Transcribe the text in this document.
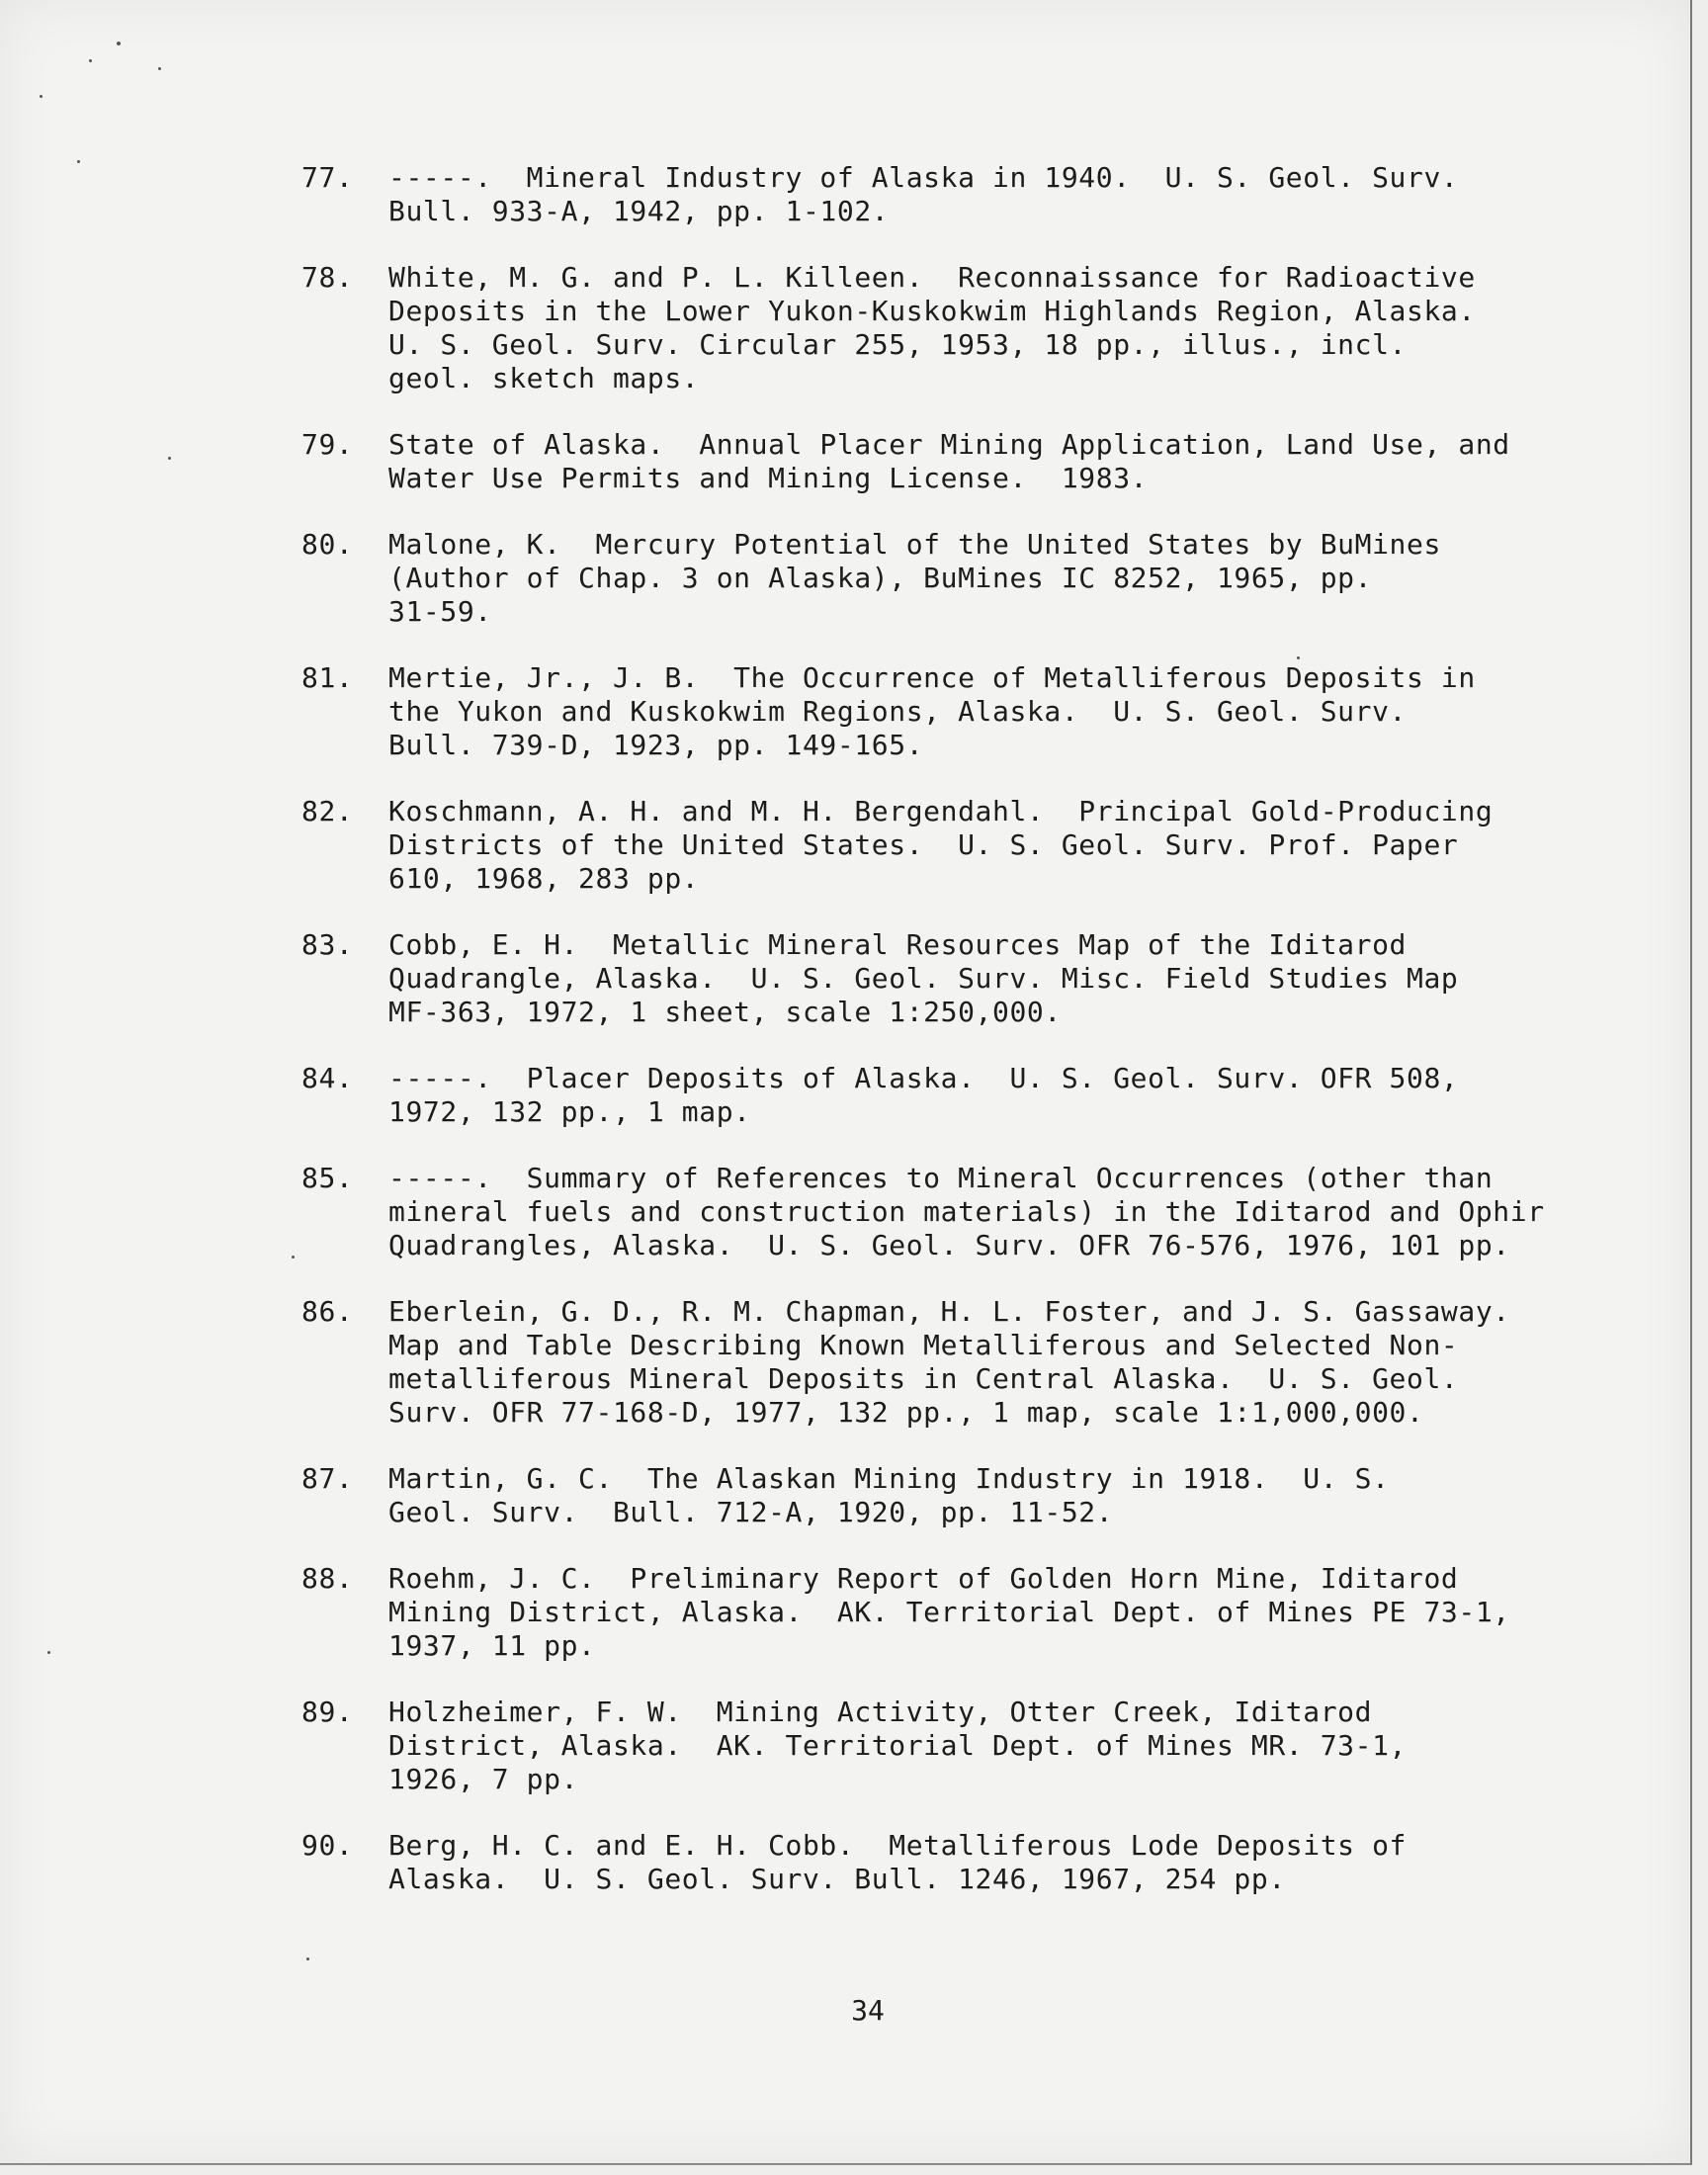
77. -----.  Mineral Industry of Alaska in 1940.  U. S. Geol. Surv.
Bull. 933-A, 1942, pp. 1-102.
78. White, M. G. and P. L. Killeen.  Reconnaissance for Radioactive
Deposits in the Lower Yukon-Kuskokwim Highlands Region, Alaska.
U. S. Geol. Surv. Circular 255, 1953, 18 pp., illus., incl.
geol. sketch maps.
79. State of Alaska.  Annual Placer Mining Application, Land Use, and
Water Use Permits and Mining License.  1983.
80. Malone, K.  Mercury Potential of the United States by BuMines
(Author of Chap. 3 on Alaska), BuMines IC 8252, 1965, pp.
31-59.
81. Mertie, Jr., J. B.  The Occurrence of Metalliferous Deposits in
the Yukon and Kuskokwim Regions, Alaska.  U. S. Geol. Surv.
Bull. 739-D, 1923, pp. 149-165.
82. Koschmann, A. H. and M. H. Bergendahl.  Principal Gold-Producing
Districts of the United States.  U. S. Geol. Surv. Prof. Paper
610, 1968, 283 pp.
83. Cobb, E. H.  Metallic Mineral Resources Map of the Iditarod
Quadrangle, Alaska.  U. S. Geol. Surv. Misc. Field Studies Map
MF-363, 1972, 1 sheet, scale 1:250,000.
84. -----.  Placer Deposits of Alaska.  U. S. Geol. Surv. OFR 508,
1972, 132 pp., 1 map.
85. -----.  Summary of References to Mineral Occurrences (other than
mineral fuels and construction materials) in the Iditarod and Ophir
Quadrangles, Alaska.  U. S. Geol. Surv. OFR 76-576, 1976, 101 pp.
86. Eberlein, G. D., R. M. Chapman, H. L. Foster, and J. S. Gassaway.
Map and Table Describing Known Metalliferous and Selected Non-
metalliferous Mineral Deposits in Central Alaska.  U. S. Geol.
Surv. OFR 77-168-D, 1977, 132 pp., 1 map, scale 1:1,000,000.
87. Martin, G. C.  The Alaskan Mining Industry in 1918.  U. S.
Geol. Surv.  Bull. 712-A, 1920, pp. 11-52.
88. Roehm, J. C.  Preliminary Report of Golden Horn Mine, Iditarod
Mining District, Alaska.  AK. Territorial Dept. of Mines PE 73-1,
1937, 11 pp.
89. Holzheimer, F. W.  Mining Activity, Otter Creek, Iditarod
District, Alaska.  AK. Territorial Dept. of Mines MR. 73-1,
1926, 7 pp.
90. Berg, H. C. and E. H. Cobb.  Metalliferous Lode Deposits of
Alaska.  U. S. Geol. Surv. Bull. 1246, 1967, 254 pp.
34
